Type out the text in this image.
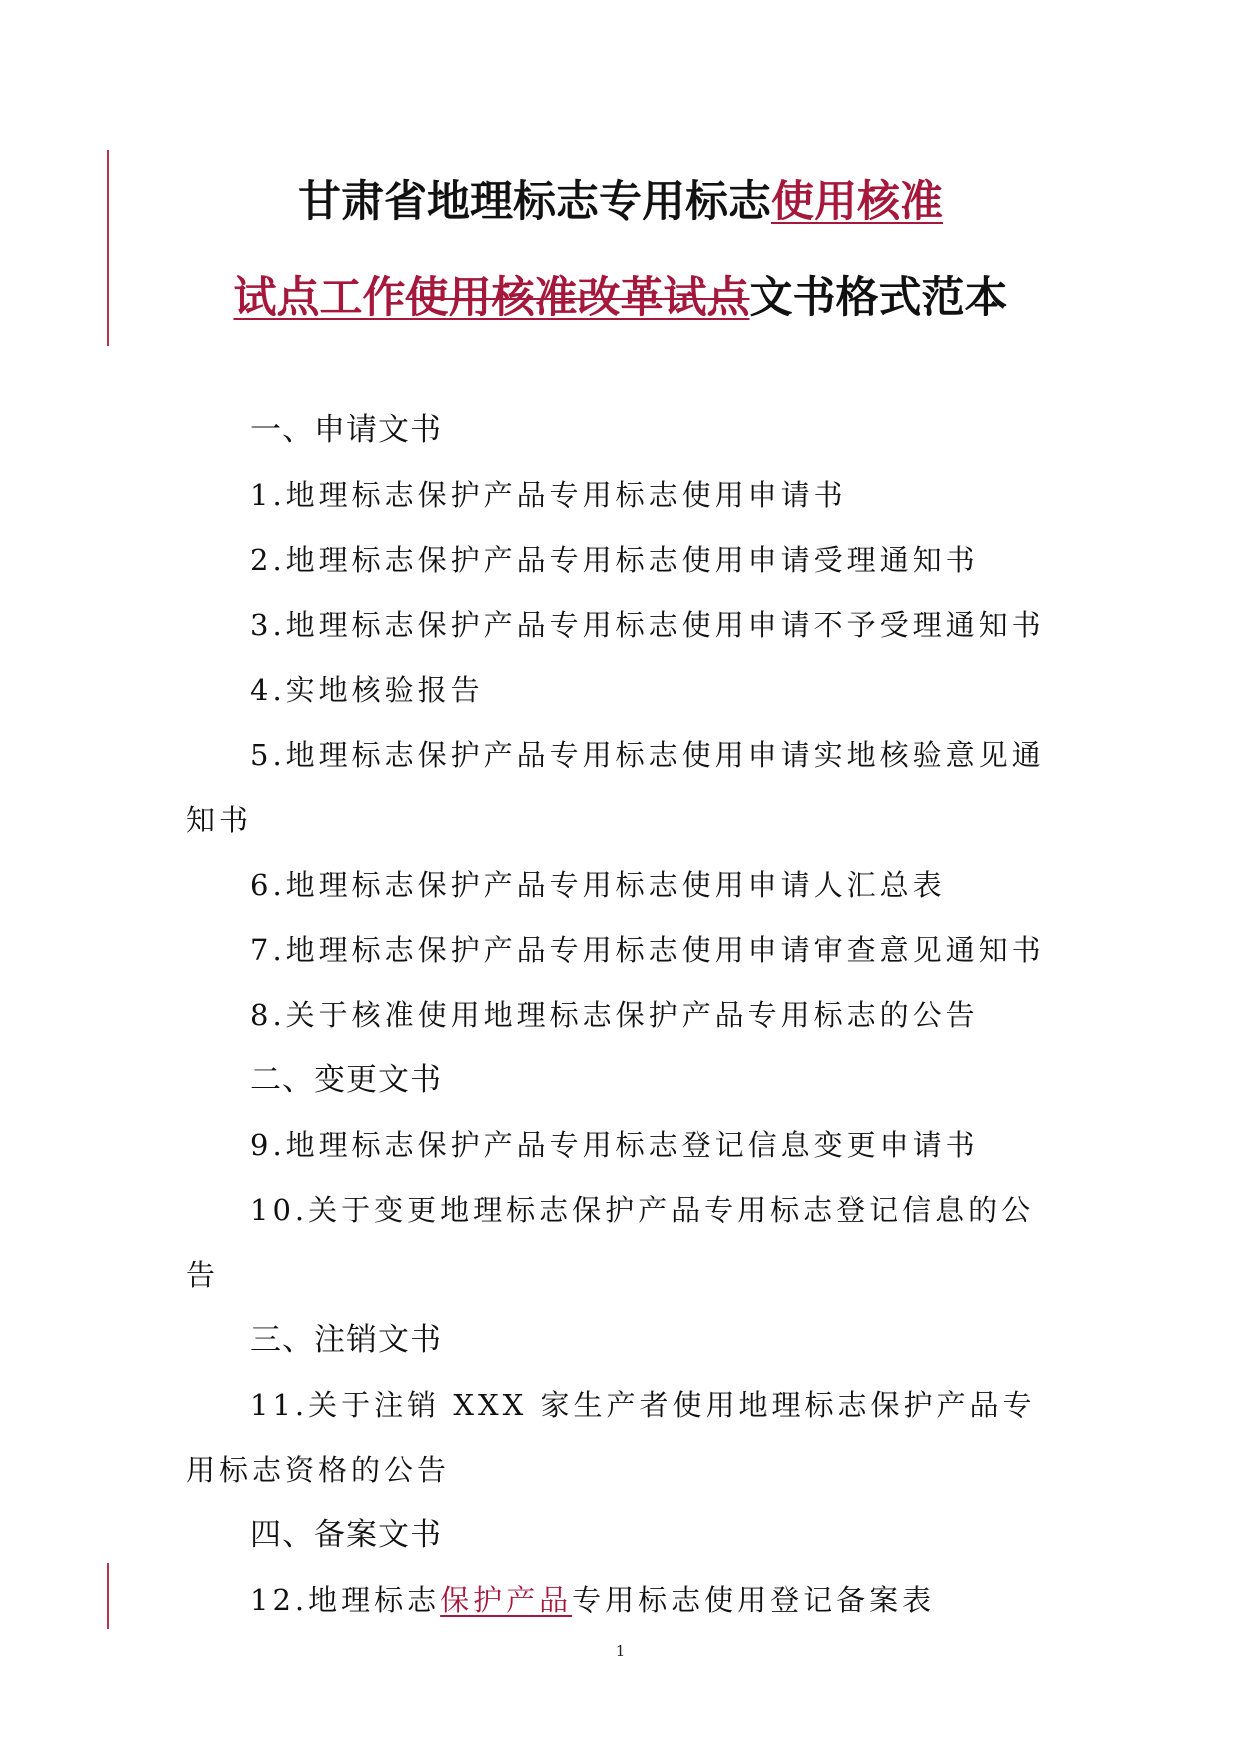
甘肃省地理标志专用标志使用核准
试点工作使用核准改革试点文书格式范本

一、申请文书

1.地理标志保护产品专用标志使用申请书

2.地理标志保护产品专用标志使用申请受理通知书

3.地理标志保护产品专用标志使用申请不予受理通知书

4.实地核验报告

5.地理标志保护产品专用标志使用申请实地核验意见通知书

6.地理标志保护产品专用标志使用申请人汇总表

7.地理标志保护产品专用标志使用申请审查意见通知书

8.关于核准使用地理标志保护产品专用标志的公告

二、变更文书

9.地理标志保护产品专用标志登记信息变更申请书

10.关于变更地理标志保护产品专用标志登记信息的公告

三、注销文书

11.关于注销 XXX 家生产者使用地理标志保护产品专用标志资格的公告

四、备案文书

12.地理标志保护产品专用标志使用登记备案表

1
